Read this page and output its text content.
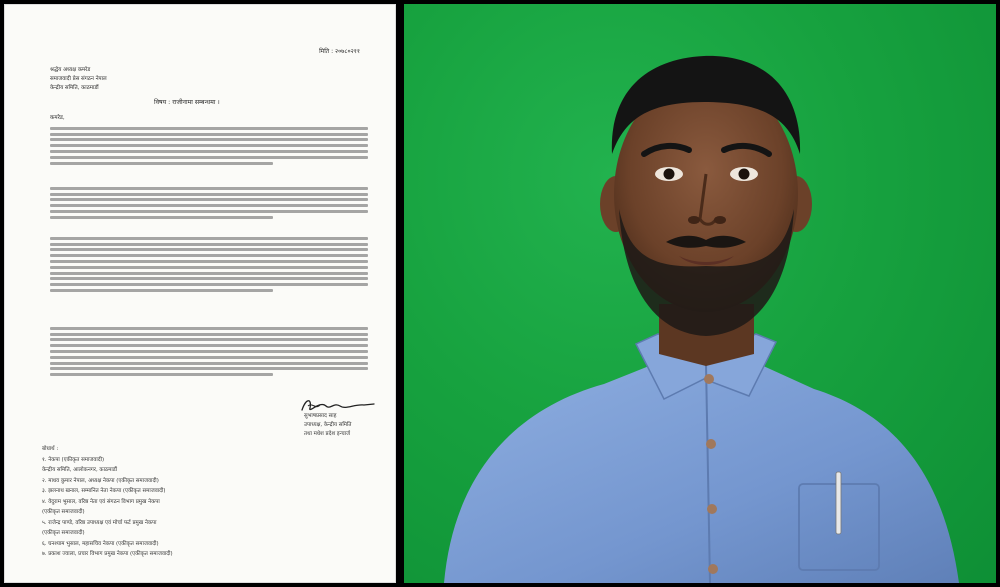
मिति : २०७८०२११
श्रद्धेय अध्यक्ष कमरेड
समाजवादी प्रेस संगठन नेपाल
केन्द्रीय समिति, काठमाडौं
विषय : राजीनामा सम्बन्धमा ।
कमरेड,
सुभाषप्रसाद साह
उपाध्यक्ष, केन्द्रीय समिति
तथा मधेश प्रदेश इन्चार्ज
बोधार्थ :
१. नेकपा (एकीकृत समाजवादी)
केन्द्रीय समिति, आलोकनगर, काठमाडौं
२. माधव कुमार नेपाल, अध्यक्ष नेकपा (एकीकृत समाजवादी)
३. झलनाथ खनाल, सम्मानित नेता नेकपा (एकीकृत समाजवादी)
४. वेदुराम भुसाल, वरिष्ठ नेता एवं संगठन विभाग प्रमुख नेकपा
(एकीकृत समाजवादी)
५. राजेन्द्र पाण्डे, वरिष्ठ उपाध्यक्ष एवं मोर्चा फर्ट प्रमुख नेकपा
(एकीकृत समाजवादी)
६. घनश्याम भुसाल, महासचिव नेकपा (एकीकृत समाजवादी)
७. प्रकाश ज्वाला, प्रचार विभाग प्रमुख नेकपा (एकीकृत समाजवादी)
